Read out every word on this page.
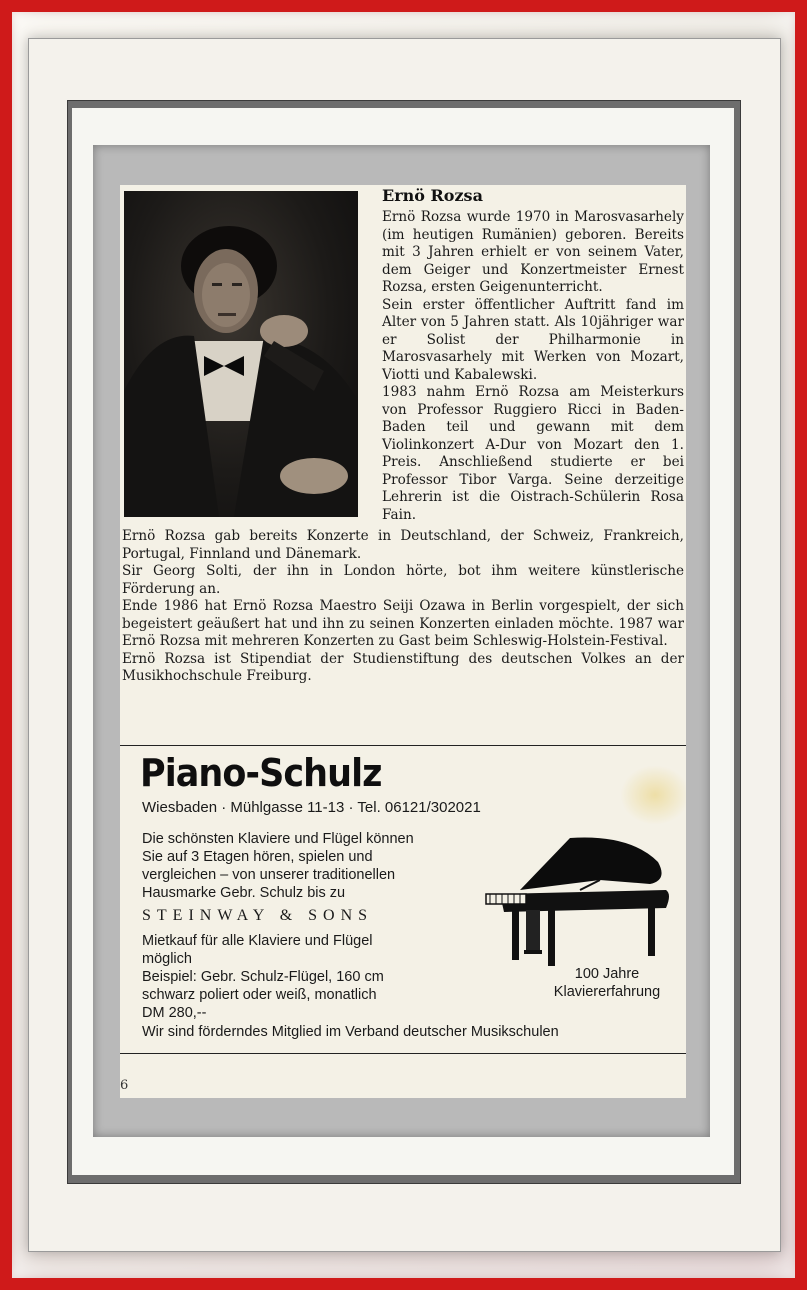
Ernö Rozsa

Ernö Rozsa wurde 1970 in Marosvasarhely (im heutigen Rumänien) geboren. Bereits mit 3 Jahren erhielt er von seinem Vater, dem Geiger und Konzertmeister Ernest Rozsa, ersten Geigenunterricht.

Sein erster öffentlicher Auftritt fand im Alter von 5 Jahren statt. Als 10jähriger war er Solist der Philharmonie in Marosvasarhely mit Werken von Mozart, Viotti und Kabalewski.

1983 nahm Ernö Rozsa am Meisterkurs von Professor Ruggiero Ricci in Baden-Baden teil und gewann mit dem Violinkonzert A-Dur von Mozart den 1. Preis. Anschließend studierte er bei Professor Tibor Varga. Seine derzeitige Lehrerin ist die Oistrach-Schülerin Rosa Fain.

Ernö Rozsa gab bereits Konzerte in Deutschland, der Schweiz, Frankreich, Portugal, Finnland und Dänemark.

Sir Georg Solti, der ihn in London hörte, bot ihm weitere künstlerische Förderung an.

Ende 1986 hat Ernö Rozsa Maestro Seiji Ozawa in Berlin vorgespielt, der sich begeistert geäußert hat und ihn zu seinen Konzerten einladen möchte. 1987 war Ernö Rozsa mit mehreren Konzerten zu Gast beim Schleswig-Holstein-Festival.

Ernö Rozsa ist Stipendiat der Studienstiftung des deutschen Volkes an der Musikhochschule Freiburg.

Piano-Schulz
Wiesbaden · Mühlgasse 11-13 · Tel. 06121/302021
Die schönsten Klaviere und Flügel können
Sie auf 3 Etagen hören, spielen und
vergleichen – von unserer traditionellen
Hausmarke Gebr. Schulz bis zu
STEINWAY & SONS
Mietkauf für alle Klaviere und Flügel
möglich
Beispiel: Gebr. Schulz-Flügel, 160 cm
schwarz poliert oder weiß, monatlich
DM 280,--
100 Jahre
Klaviererfahrung
Wir sind förderndes Mitglied im Verband deutscher Musikschulen
6
